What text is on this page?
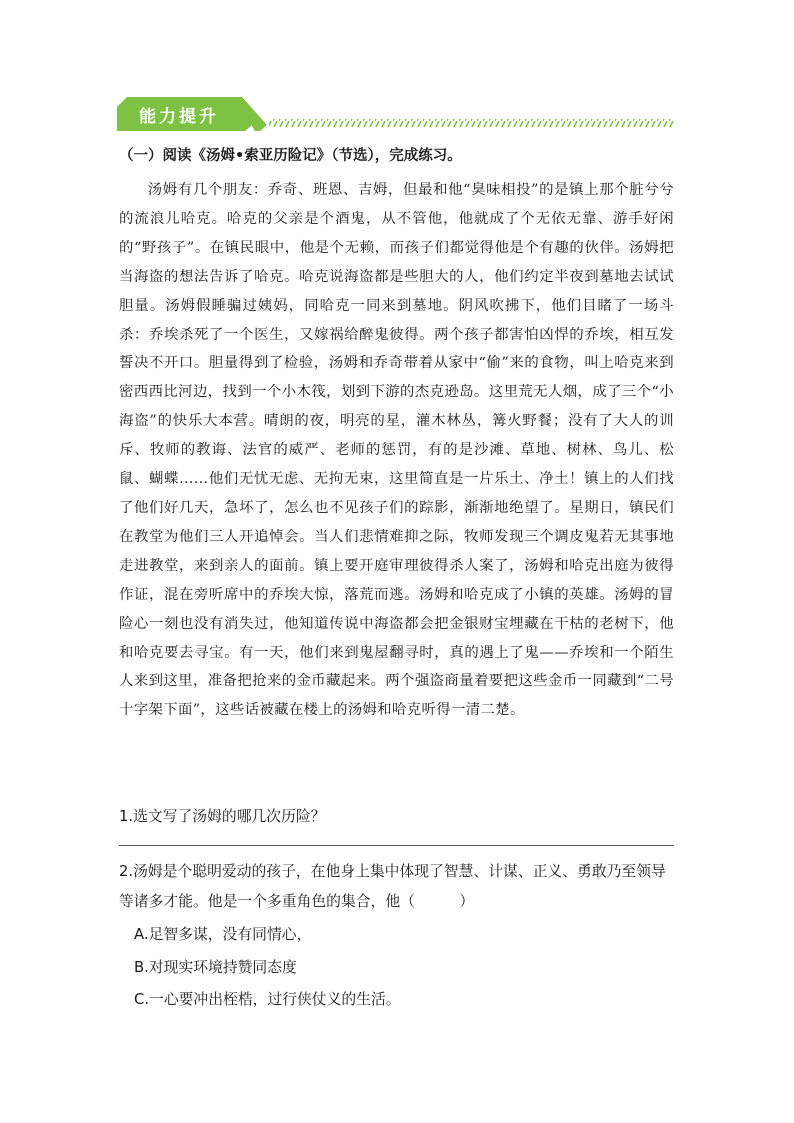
能力提升
（一）阅读《汤姆•索亚历险记》（节选），完成练习。

汤姆有几个朋友：乔奇、班恩、吉姆，但最和他“臭味相投”的是镇上那个脏兮兮的流浪儿哈克。哈克的父亲是个酒鬼，从不管他，他就成了个无依无靠、游手好闲的“野孩子”。在镇民眼中，他是个无赖，而孩子们都觉得他是个有趣的伙伴。汤姆把当海盗的想法告诉了哈克。哈克说海盗都是些胆大的人，他们约定半夜到墓地去试试胆量。汤姆假睡骗过姨妈，同哈克一同来到墓地。阴风吹拂下，他们目睹了一场斗杀：乔埃杀死了一个医生，又嫁祸给醉鬼彼得。两个孩子都害怕凶悍的乔埃，相互发誓决不开口。胆量得到了检验，汤姆和乔奇带着从家中“偷”来的食物，叫上哈克来到密西西比河边，找到一个小木筏，划到下游的杰克逊岛。这里荒无人烟，成了三个“小海盗”的快乐大本营。晴朗的夜，明亮的星，灌木林丛，篝火野餐；没有了大人的训斥、牧师的教诲、法官的威严、老师的惩罚，有的是沙滩、草地、树林、鸟儿、松鼠、蝴蝶……他们无忧无虑、无拘无束，这里简直是一片乐土、净土！镇上的人们找了他们好几天，急坏了，怎么也不见孩子们的踪影，渐渐地绝望了。星期日，镇民们在教堂为他们三人开追悼会。当人们悲情难抑之际，牧师发现三个调皮鬼若无其事地走进教堂，来到亲人的面前。镇上要开庭审理彼得杀人案了，汤姆和哈克出庭为彼得作证，混在旁听席中的乔埃大惊，落荒而逃。汤姆和哈克成了小镇的英雄。汤姆的冒险心一刻也没有消失过，他知道传说中海盗都会把金银财宝埋藏在干枯的老树下，他和哈克要去寻宝。有一天，他们来到鬼屋翻寻时，真的遇上了鬼——乔埃和一个陌生人来到这里，准备把抢来的金币藏起来。两个强盗商量着要把这些金币一同藏到“二号十字架下面”，这些话被藏在楼上的汤姆和哈克听得一清二楚。

1.选文写了汤姆的哪几次历险？

2.汤姆是个聪明爱动的孩子，在他身上集中体现了智慧、计谋、正义、勇敢乃至领导等诸多才能。他是一个多重角色的集合，他（　　　）

A.足智多谋，没有同情心，
B.对现实环境持赞同态度
C.一心要冲出桎梏，过行侠仗义的生活。
